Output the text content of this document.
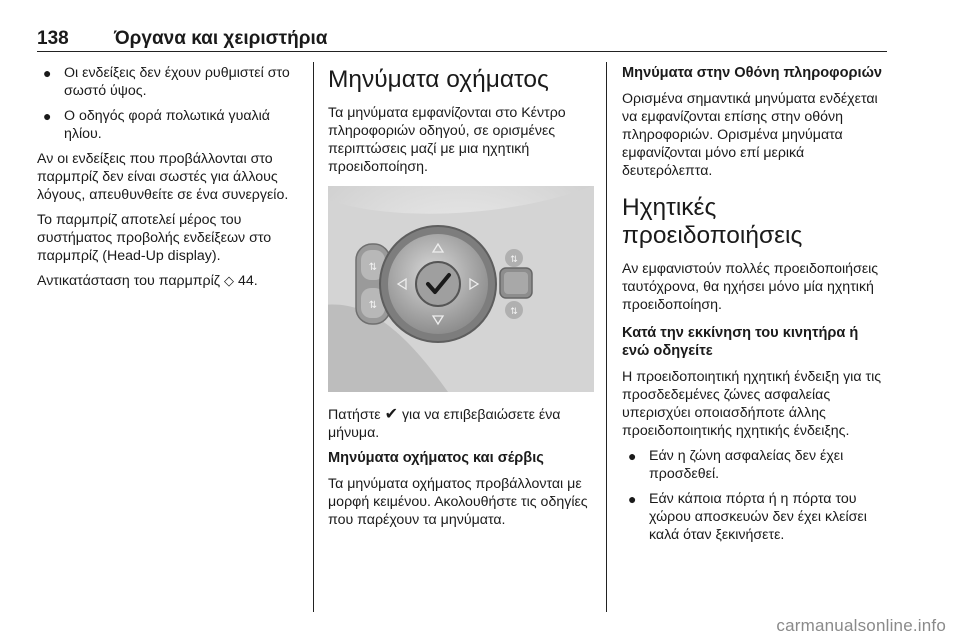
138 Όργανα και χειριστήρια
● Οι ενδείξεις δεν έχουν ρυθμιστεί στο σωστό ύψος.
● Ο οδηγός φορά πολωτικά γυαλιά ηλίου.

Αν οι ενδείξεις που προβάλλονται στο παρμπρίζ δεν είναι σωστές για άλλους λόγους, απευθυνθείτε σε ένα συνεργείο.

Το παρμπρίζ αποτελεί μέρος του συστήματος προβολής ενδείξεων στο παρμπρίζ (Head-Up display).

Αντικατάσταση του παρμπρίζ ◇ 44.

Μηνύματα οχήματος

Τα μηνύματα εμφανίζονται στο Κέντρο πληροφοριών οδηγού, σε ορισμένες περιπτώσεις μαζί με μια ηχητική προειδοποίηση.

⇅
⇅
⇅
⇅

Πατήστε ✔ για να επιβεβαιώσετε ένα μήνυμα.

Μηνύματα οχήματος και σέρβις

Τα μηνύματα οχήματος προβάλλονται με μορφή κειμένου. Ακολουθήστε τις οδηγίες που παρέχουν τα μηνύματα.

Μηνύματα στην Οθόνη πληροφοριών

Ορισμένα σημαντικά μηνύματα ενδέχεται να εμφανίζονται επίσης στην οθόνη πληροφοριών. Ορισμένα μηνύματα εμφανίζονται μόνο επί μερικά δευτερόλεπτα.

Ηχητικές προειδοποιήσεις

Αν εμφανιστούν πολλές προειδοποιήσεις ταυτόχρονα, θα ηχήσει μόνο μία ηχητική προειδοποίηση.

Κατά την εκκίνηση του κινητήρα ή ενώ οδηγείτε

Η προειδοποιητική ηχητική ένδειξη για τις προσδεδεμένες ζώνες ασφαλείας υπερισχύει οποιασδήποτε άλλης προειδοποιητικής ηχητικής ένδειξης.

● Εάν η ζώνη ασφαλείας δεν έχει προσδεθεί.
● Εάν κάποια πόρτα ή η πόρτα του χώρου αποσκευών δεν έχει κλείσει καλά όταν ξεκινήσετε.
carmanualsonline.info
